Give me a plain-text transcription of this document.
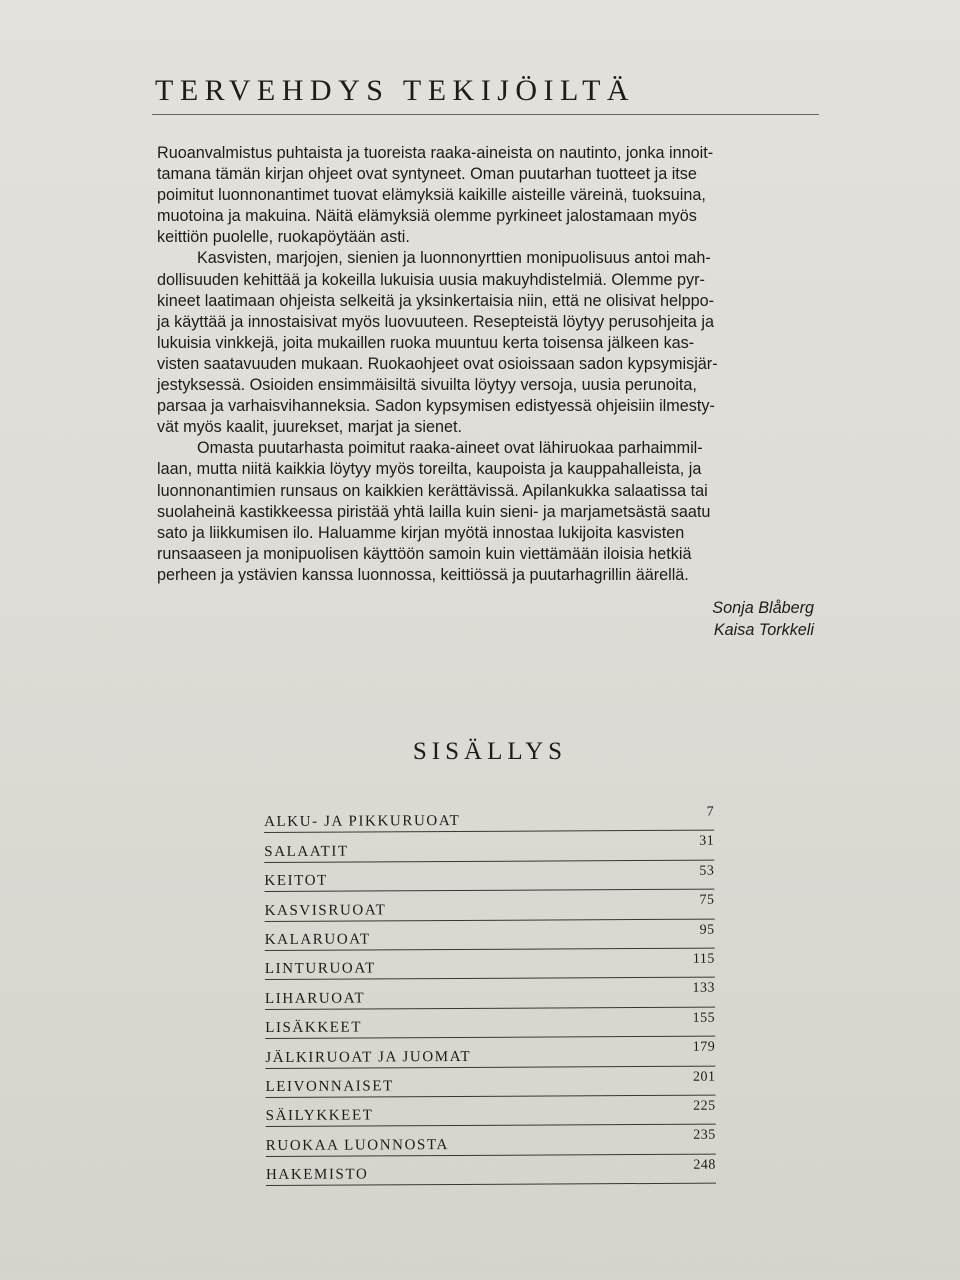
TERVEHDYS TEKIJÖILTÄ

Ruoanvalmistus puhtaista ja tuoreista raaka-aineista on nautinto, jonka innoit-
tamana tämän kirjan ohjeet ovat syntyneet. Oman puutarhan tuotteet ja itse
poimitut luonnonantimet tuovat elämyksiä kaikille aisteille väreinä, tuoksuina,
muotoina ja makuina. Näitä elämyksiä olemme pyrkineet jalostamaan myös
keittiön puolelle, ruokapöytään asti.

Kasvisten, marjojen, sienien ja luonnonyrttien monipuolisuus antoi mah-
dollisuuden kehittää ja kokeilla lukuisia uusia makuyhdistelmiä. Olemme pyr-
kineet laatimaan ohjeista selkeitä ja yksinkertaisia niin, että ne olisivat helppo-
ja käyttää ja innostaisivat myös luovuuteen. Resepteistä löytyy perusohjeita ja
lukuisia vinkkejä, joita mukaillen ruoka muuntuu kerta toisensa jälkeen kas-
visten saatavuuden mukaan. Ruokaohjeet ovat osioissaan sadon kypsymisjär-
jestyksessä. Osioiden ensimmäisiltä sivuilta löytyy versoja, uusia perunoita,
parsaa ja varhaisvihanneksia. Sadon kypsymisen edistyessä ohjeisiin ilmesty-
vät myös kaalit, juurekset, marjat ja sienet.

Omasta puutarhasta poimitut raaka-aineet ovat lähiruokaa parhaimmil-
laan, mutta niitä kaikkia löytyy myös toreilta, kaupoista ja kauppahalleista, ja
luonnonantimien runsaus on kaikkien kerättävissä. Apilankukka salaatissa tai
suolaheinä kastikkeessa piristää yhtä lailla kuin sieni- ja marjametsästä saatu
sato ja liikkumisen ilo. Haluamme kirjan myötä innostaa lukijoita kasvisten
runsaaseen ja monipuolisen käyttöön samoin kuin viettämään iloisia hetkiä
perheen ja ystävien kanssa luonnossa, keittiössä ja puutarhagrillin äärellä.

Sonja Blåberg
Kaisa Torkkeli
SISÄLLYS
ALKU- JA PIKKURUOAT
7
SALAATIT
31
KEITOT
53
KASVISRUOAT
75
KALARUOAT
95
LINTURUOAT
115
LIHARUOAT
133
LISÄKKEET
155
JÄLKIRUOAT JA JUOMAT
179
LEIVONNAISET
201
SÄILYKKEET
225
RUOKAA LUONNOSTA
235
HAKEMISTO
248
